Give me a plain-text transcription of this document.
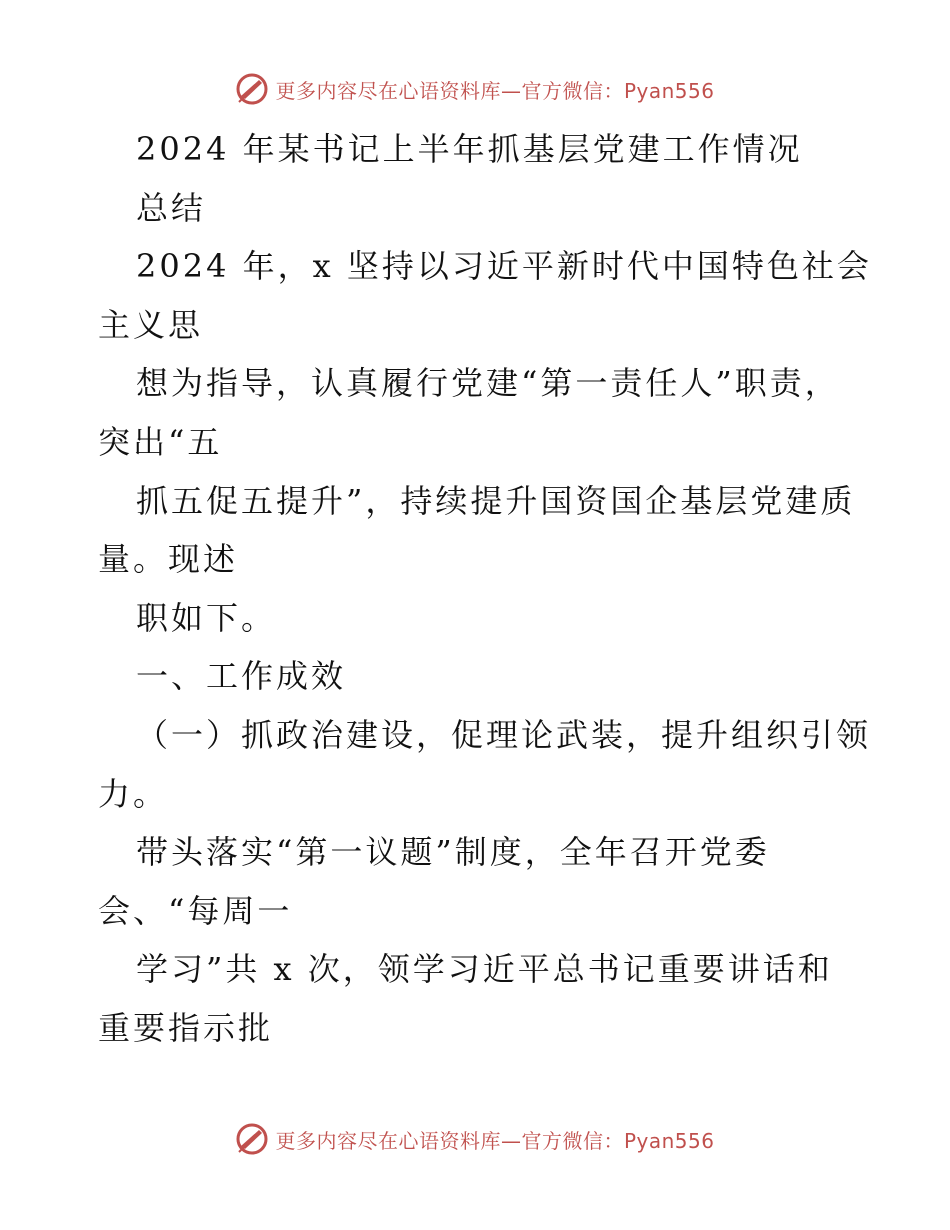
更多内容尽在心语资料库—官方微信：Pyan556
2024 年某书记上半年抓基层党建工作情况
总结
2024 年，x 坚持以习近平新时代中国特色社会
主义思
想为指导，认真履行党建“第一责任人”职责，
突出“五
抓五促五提升”，持续提升国资国企基层党建质
量。现述
职如下。
一、工作成效
（一）抓政治建设，促理论武装，提升组织引领
力。
带头落实“第一议题”制度，全年召开党委
会、“每周一
学习”共 x 次，领学习近平总书记重要讲话和
重要指示批
更多内容尽在心语资料库—官方微信：Pyan556
